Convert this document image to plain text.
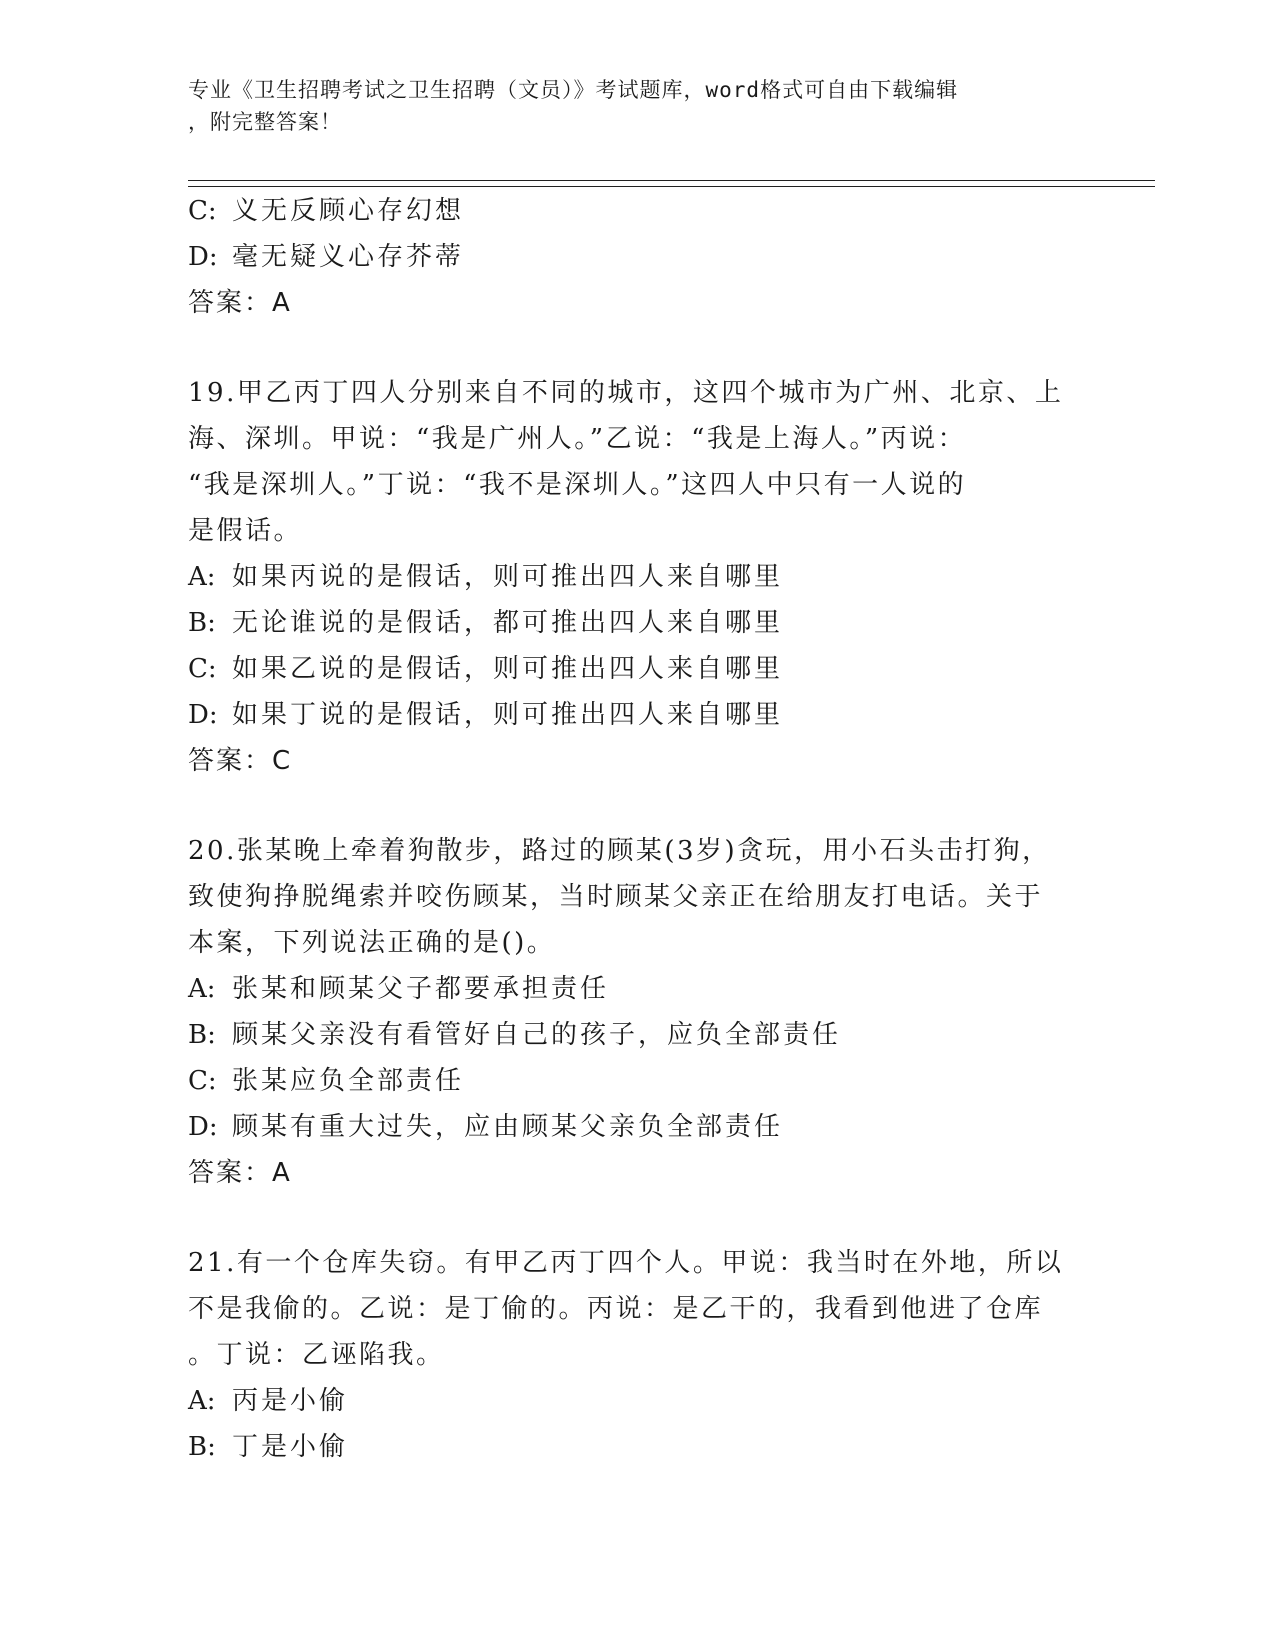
专业《卫生招聘考试之卫生招聘（文员）》考试题库，word格式可自由下载编辑
，附完整答案！
C: 义无反顾心存幻想
D: 毫无疑义心存芥蒂
答案：A
19.甲乙丙丁四人分别来自不同的城市，这四个城市为广州、北京、上
海、深圳。甲说：“我是广州人。”乙说：“我是上海人。”丙说：
“我是深圳人。”丁说：“我不是深圳人。”这四人中只有一人说的
是假话。
A: 如果丙说的是假话，则可推出四人来自哪里
B: 无论谁说的是假话，都可推出四人来自哪里
C: 如果乙说的是假话，则可推出四人来自哪里
D: 如果丁说的是假话，则可推出四人来自哪里
答案：C
20.张某晚上牵着狗散步，路过的顾某(3岁)贪玩，用小石头击打狗，
致使狗挣脱绳索并咬伤顾某，当时顾某父亲正在给朋友打电话。关于
本案，下列说法正确的是()。
A: 张某和顾某父子都要承担责任
B: 顾某父亲没有看管好自己的孩子，应负全部责任
C: 张某应负全部责任
D: 顾某有重大过失，应由顾某父亲负全部责任
答案：A
21.有一个仓库失窃。有甲乙丙丁四个人。甲说：我当时在外地，所以
不是我偷的。乙说：是丁偷的。丙说：是乙干的，我看到他进了仓库
。丁说：乙诬陷我。
A: 丙是小偷
B: 丁是小偷
